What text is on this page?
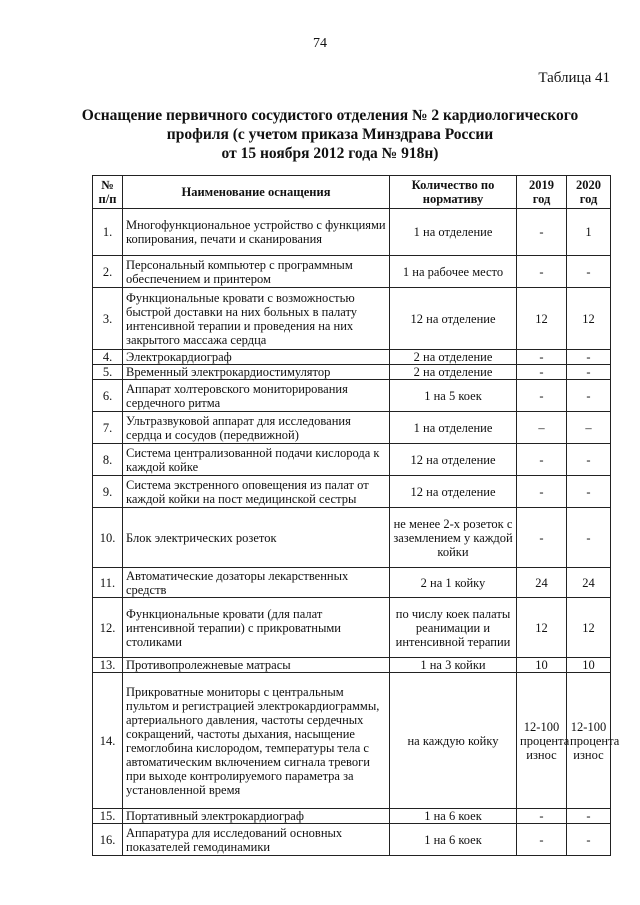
74
Таблица 41
Оснащение первичного сосудистого отделения № 2 кардиологического
профиля (с учетом приказа Минздрава России
от 15 ноября 2012 года № 918н)
№ п/п	Наименование оснащения	Количество по нормативу	2019 год	2020 год
1.	Многофункциональное устройство с функциями копирования, печати и сканирования	1 на отделение	-	1
2.	Персональный компьютер с программным обеспечением и принтером	1 на рабочее место	-	-
3.	Функциональные кровати с возможностью быстрой доставки на них больных в палату интенсивной терапии и проведения на них закрытого массажа сердца	12 на отделение	12	12
4.	Электрокардиограф	2 на отделение	-	-
5.	Временный электрокардиостимулятор	2 на отделение	-	-
6.	Аппарат холтеровского мониторирования сердечного ритма	1 на 5 коек	-	-
7.	Ультразвуковой аппарат для исследования сердца и сосудов (передвижной)	1 на отделение	–	–
8.	Система централизованной подачи кислорода к каждой койке	12 на отделение	-	-
9.	Система экстренного оповещения из палат от каждой койки на пост медицинской сестры	12 на отделение	-	-
10.	Блок электрических розеток	не менее 2-х розеток с заземлением у каждой койки	-	-
11.	Автоматические дозаторы лекарственных средств	2 на 1 койку	24	24
12.	Функциональные кровати (для палат интенсивной терапии) с прикроватными столиками	по числу коек палаты реанимации и интенсивной терапии	12	12
13.	Противопролежневые матрасы	1 на 3 койки	10	10
14.	Прикроватные мониторы с центральным пультом и регистрацией электрокардиограммы, артериального давления, частоты сердечных сокращений, частоты дыхания, насыщение гемоглобина кислородом, температуры тела с автоматическим включением сигнала тревоги при выходе контролируемого параметра за установленной время	на каждую койку	12-100 процента износ	12-100 процента износ
15.	Портативный электрокардиограф	1 на 6 коек	-	-
16.	Аппаратура для исследований основных показателей гемодинамики	1 на 6 коек	-	-
